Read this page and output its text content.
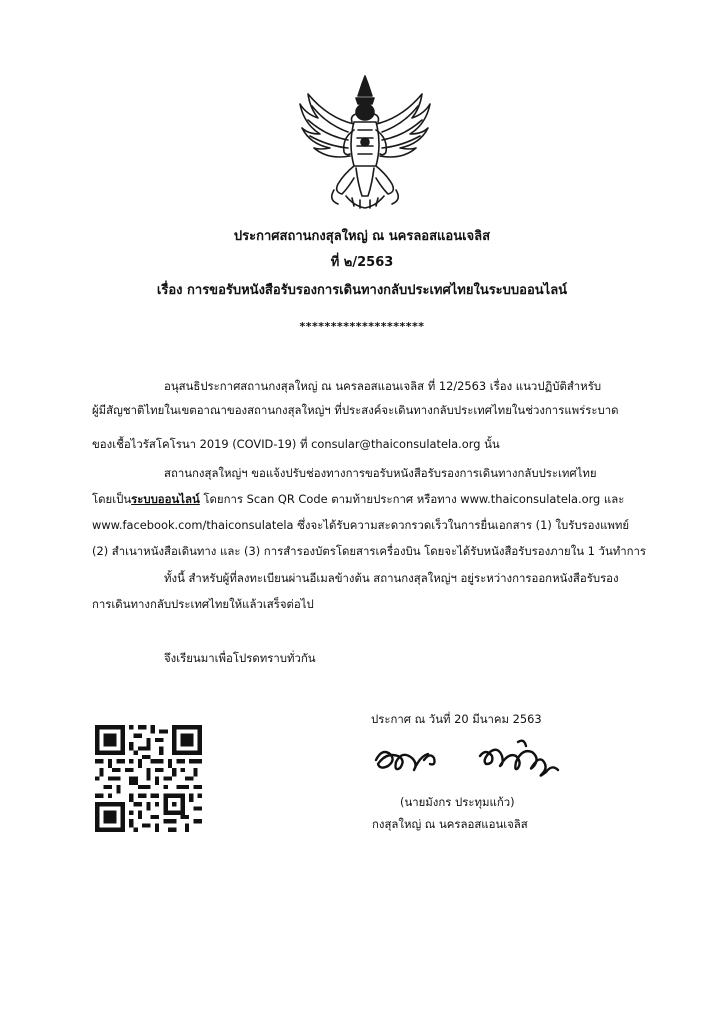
ประกาศสถานกงสุลใหญ่ ณ นครลอสแอนเจลิส
ที่ ๒/2563
เรื่อง การขอรับหนังสือรับรองการเดินทางกลับประเทศไทยในระบบออนไลน์
********************
อนุสนธิประกาศสถานกงสุลใหญ่ ณ นครลอสแอนเจลิส ที่ 12/2563 เรื่อง แนวปฏิบัติสำหรับ
ผู้มีสัญชาติไทยในเขตอาณาของสถานกงสุลใหญ่ฯ ที่ประสงค์จะเดินทางกลับประเทศไทยในช่วงการแพร่ระบาด
ของเชื้อไวรัสโคโรนา 2019 (COVID-19) ที่ consular@thaiconsulatela.org นั้น
สถานกงสุลใหญ่ฯ ขอแจ้งปรับช่องทางการขอรับหนังสือรับรองการเดินทางกลับประเทศไทย
โดยเป็นระบบออนไลน์ โดยการ Scan QR Code ตามท้ายประกาศ หรือทาง www.thaiconsulatela.org และ
www.facebook.com/thaiconsulatela ซึ่งจะได้รับความสะดวกรวดเร็วในการยื่นเอกสาร (1) ใบรับรองแพทย์
(2) สำเนาหนังสือเดินทาง และ (3) การสำรองบัตรโดยสารเครื่องบิน โดยจะได้รับหนังสือรับรองภายใน 1 วันทำการ
ทั้งนี้ สำหรับผู้ที่ลงทะเบียนผ่านอีเมลข้างต้น สถานกงสุลใหญ่ฯ อยู่ระหว่างการออกหนังสือรับรอง
การเดินทางกลับประเทศไทยให้แล้วเสร็จต่อไป
จึงเรียนมาเพื่อโปรดทราบทั่วกัน
ประกาศ ณ วันที่ 20 มีนาคม 2563
(นายมังกร ประทุมแก้ว)
กงสุลใหญ่ ณ นครลอสแอนเจลิส
